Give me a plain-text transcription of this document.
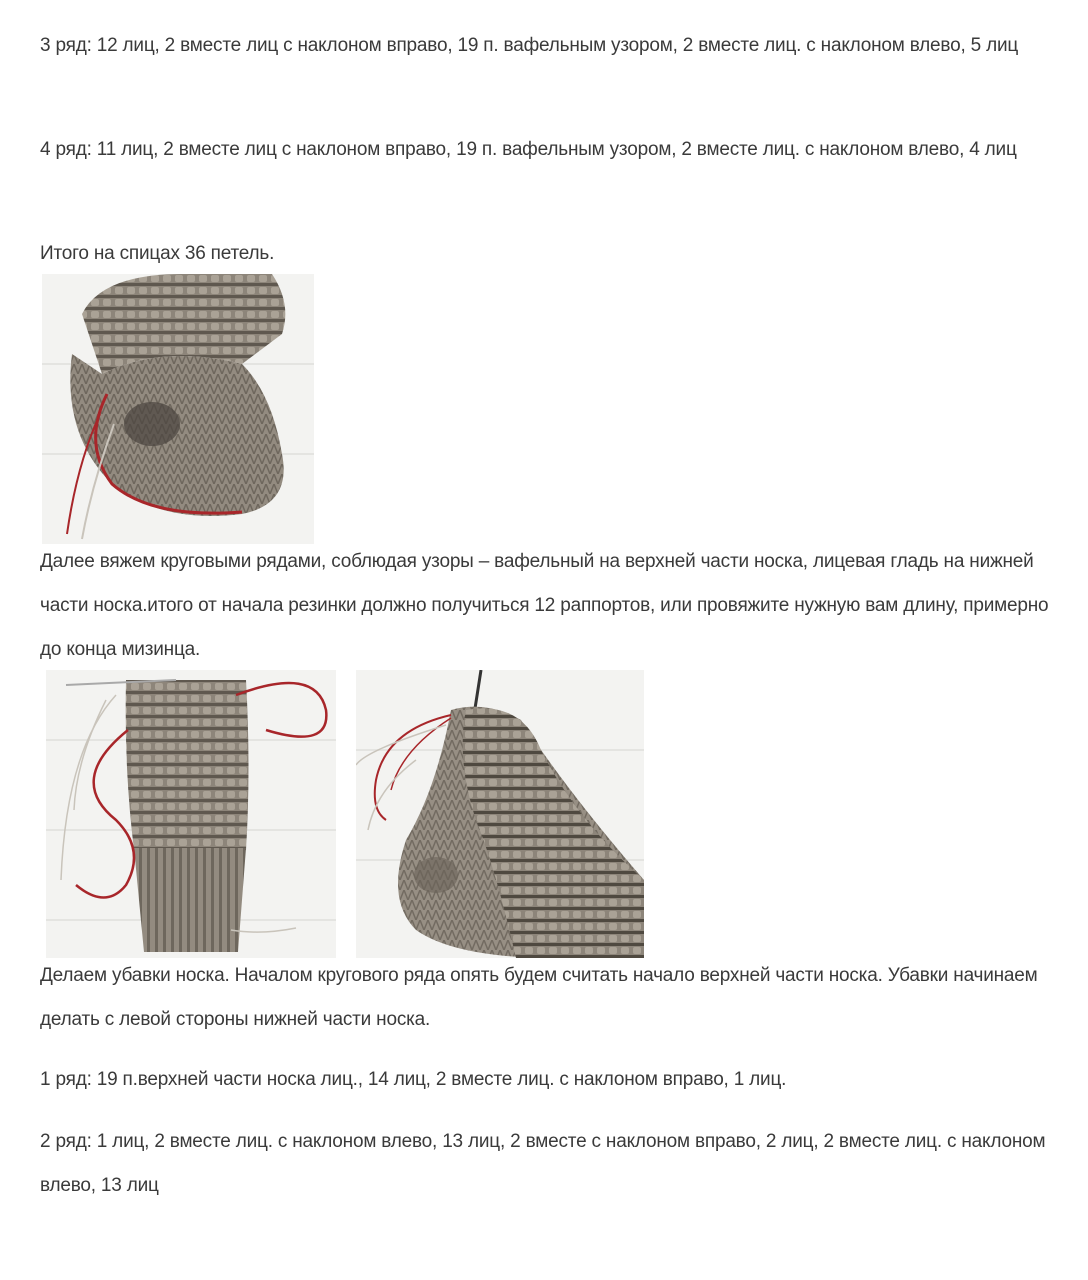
3 ряд: 12 лиц, 2 вместе лиц с наклоном вправо, 19 п. вафельным узором, 2 вместе лиц. с наклоном влево, 5 лиц

4 ряд: 11 лиц, 2 вместе лиц с наклоном вправо, 19 п. вафельным узором, 2 вместе лиц. с наклоном влево, 4 лиц

Итого на спицах 36 петель.

Далее вяжем круговыми рядами, соблюдая узоры – вафельный на верхней части носка, лицевая гладь на нижней части носка.итого от начала резинки должно получиться 12 раппортов, или провяжите нужную вам длину, примерно до конца мизинца.

Делаем убавки носка. Началом кругового ряда опять будем считать начало верхней части носка. Убавки начинаем делать с левой стороны нижней части носка.

1 ряд: 19 п.верхней части носка лиц., 14 лиц, 2 вместе лиц. с наклоном вправо, 1 лиц.

2 ряд: 1 лиц, 2 вместе лиц. с наклоном влево, 13 лиц, 2 вместе с наклоном вправо, 2 лиц, 2 вместе лиц. с наклоном влево, 13 лиц
